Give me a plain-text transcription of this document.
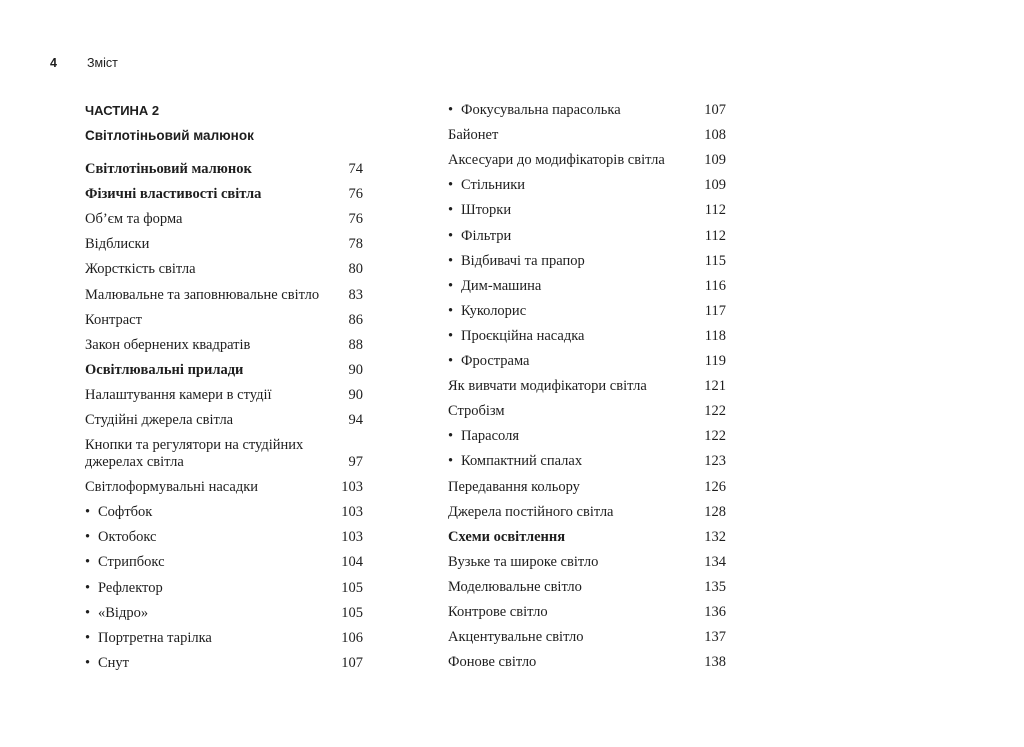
4	Зміст
ЧАСТИНА 2
Світлотіньовий малюнок
Світлотіньовий малюнок	74
Фізичні властивості світла	76
Об’єм та форма	76
Відблиски	78
Жорсткість світла	80
Малювальне та заповнювальне світло	83
Контраст	86
Закон обернених квадратів	88
Освітлювальні прилади	90
Налаштування камери в студії	90
Студійні джерела світла	94
Кнопки та регулятори на студійних джерелах світла	97
Світлоформувальні насадки	103
• Софтбок	103
• Октобокс	103
• Стрипбокс	104
• Рефлектор	105
• «Відро»	105
• Портретна тарілка	106
• Снут	107
• Фокусувальна парасолька	107
Байонет	108
Аксесуари до модифікаторів світла	109
• Стільники	109
• Шторки	112
• Фільтри	112
• Відбивачі та прапор	115
• Дим-машина	116
• Куколорис	117
• Проєкційна насадка	118
• Фрострама	119
Як вивчати модифікатори світла	121
Стробізм	122
• Парасоля	122
• Компактний спалах	123
Передавання кольору	126
Джерела постійного світла	128
Схеми освітлення	132
Вузьке та широке світло	134
Моделювальне світло	135
Контрове світло	136
Акцентувальне світло	137
Фонове світло	138
